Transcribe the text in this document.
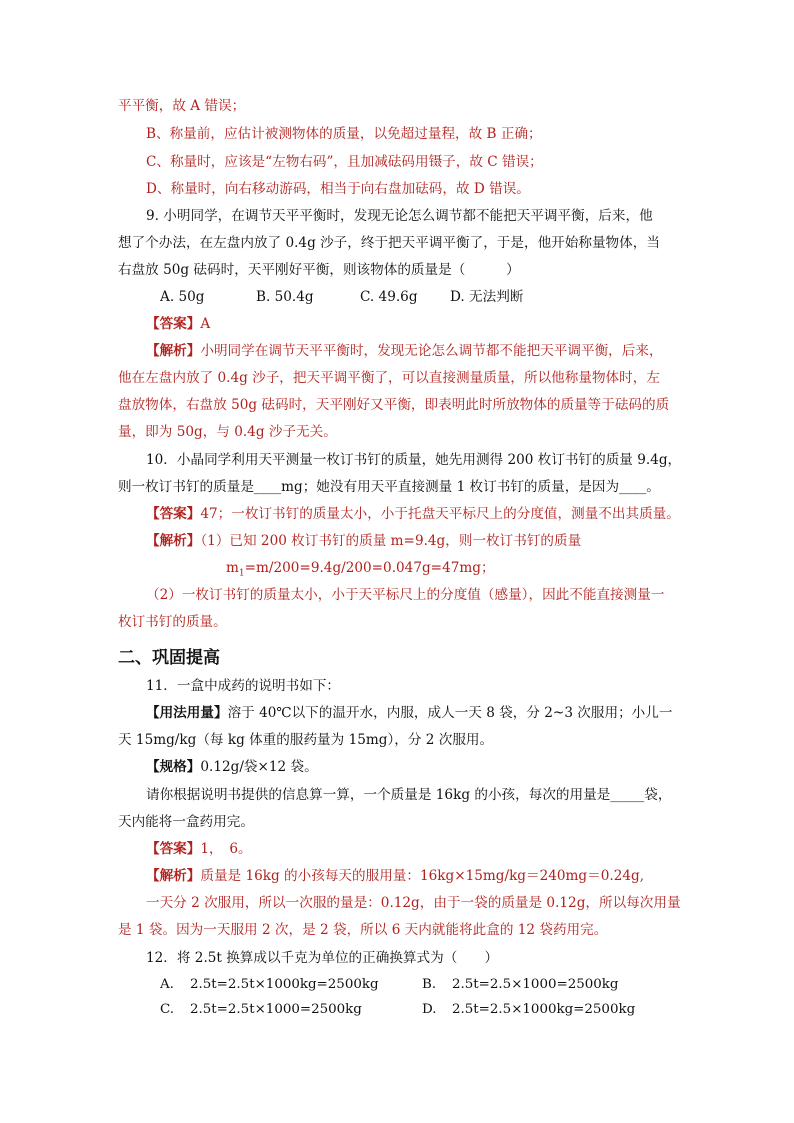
平平衡，故 A 错误；
B、称量前，应估计被测物体的质量，以免超过量程，故 B 正确；
C、称量时，应该是“左物右码”，且加减砝码用镊子，故 C 错误；
D、称量时，向右移动游码，相当于向右盘加砝码，故 D 错误。
9. 小明同学，在调节天平平衡时，发现无论怎么调节都不能把天平调平衡，后来，他
想了个办法，在左盘内放了 0.4g 沙子，终于把天平调平衡了，于是，他开始称量物体，当
右盘放 50g 砝码时，天平刚好平衡，则该物体的质量是（　　　）
A. 50g	B. 50.4g	C. 49.6g D. 无法判断
【答案】A
【解析】小明同学在调节天平平衡时，发现无论怎么调节都不能把天平调平衡，后来，
他在左盘内放了 0.4g 沙子，把天平调平衡了，可以直接测量质量，所以他称量物体时，左
盘放物体，右盘放 50g 砝码时，天平刚好又平衡，即表明此时所放物体的质量等于砝码的质
量，即为 50g，与 0.4g 沙子无关。
10．小晶同学利用天平测量一枚订书钉的质量，她先用测得 200 枚订书钉的质量 9.4g，
则一枚订书钉的质量是____mg；她没有用天平直接测量 1 枚订书钉的质量，是因为____。
【答案】47；一枚订书钉的质量太小，小于托盘天平标尺上的分度值，测量不出其质量。
【解析】（1）已知 200 枚订书钉的质量 m=9.4g，则一枚订书钉的质量
$m_1=m/200=9.4g/200=0.047g=47mg$；
（2）一枚订书钉的质量太小，小于天平标尺上的分度值（感量），因此不能直接测量一
枚订书钉的质量。
二、巩固提高
11．一盒中成药的说明书如下：
【用法用量】溶于 40℃以下的温开水，内服，成人一天 8 袋，分 2~3 次服用；小儿一
天 15mg/kg（每 kg 体重的服药量为 15mg），分 2 次服用。
【规格】0.12g/袋×12 袋。
请你根据说明书提供的信息算一算，一个质量是 16kg 的小孩，每次的用量是_____袋，
天内能将一盒药用完。
【答案】1，　6。
【解析】质量是 16kg 的小孩每天的服用量：16kg×15mg/kg＝240mg＝0.24g,
一天分 2 次服用，所以一次服的量是：0.12g，由于一袋的质量是 0.12g，所以每次用量
是 1 袋。因为一天服用 2 次，是 2 袋，所以 6 天内就能将此盒的 12 袋药用完。
12．将 2.5t 换算成以千克为单位的正确换算式为（　　）
A. 2.5t=2.5t×1000kg=2500kg	B. 2.5t=2.5×1000=2500kg
C. 2.5t=2.5t×1000=2500kg	D. 2.5t=2.5×1000kg=2500kg
